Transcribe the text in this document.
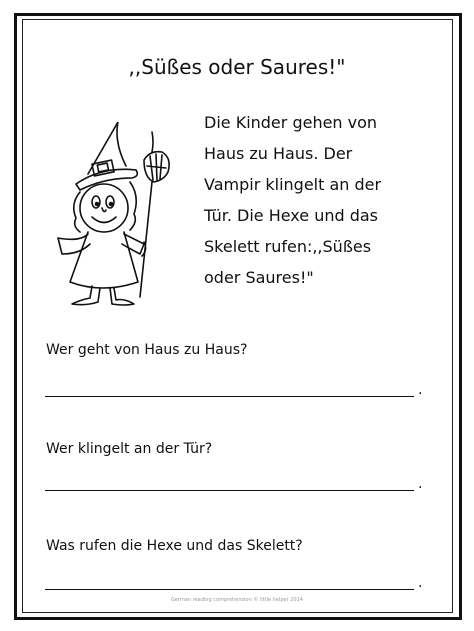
,,Süßes oder Saures!"
Die Kinder gehen von
Haus zu Haus. Der
Vampir klingelt an der
Tür. Die Hexe und das
Skelett rufen:,,Süßes
oder Saures!"
Wer geht von Haus zu Haus?
.
Wer klingelt an der Tür?
.
Was rufen die Hexe und das Skelett?
.
German reading comprehension © little helper 2014
